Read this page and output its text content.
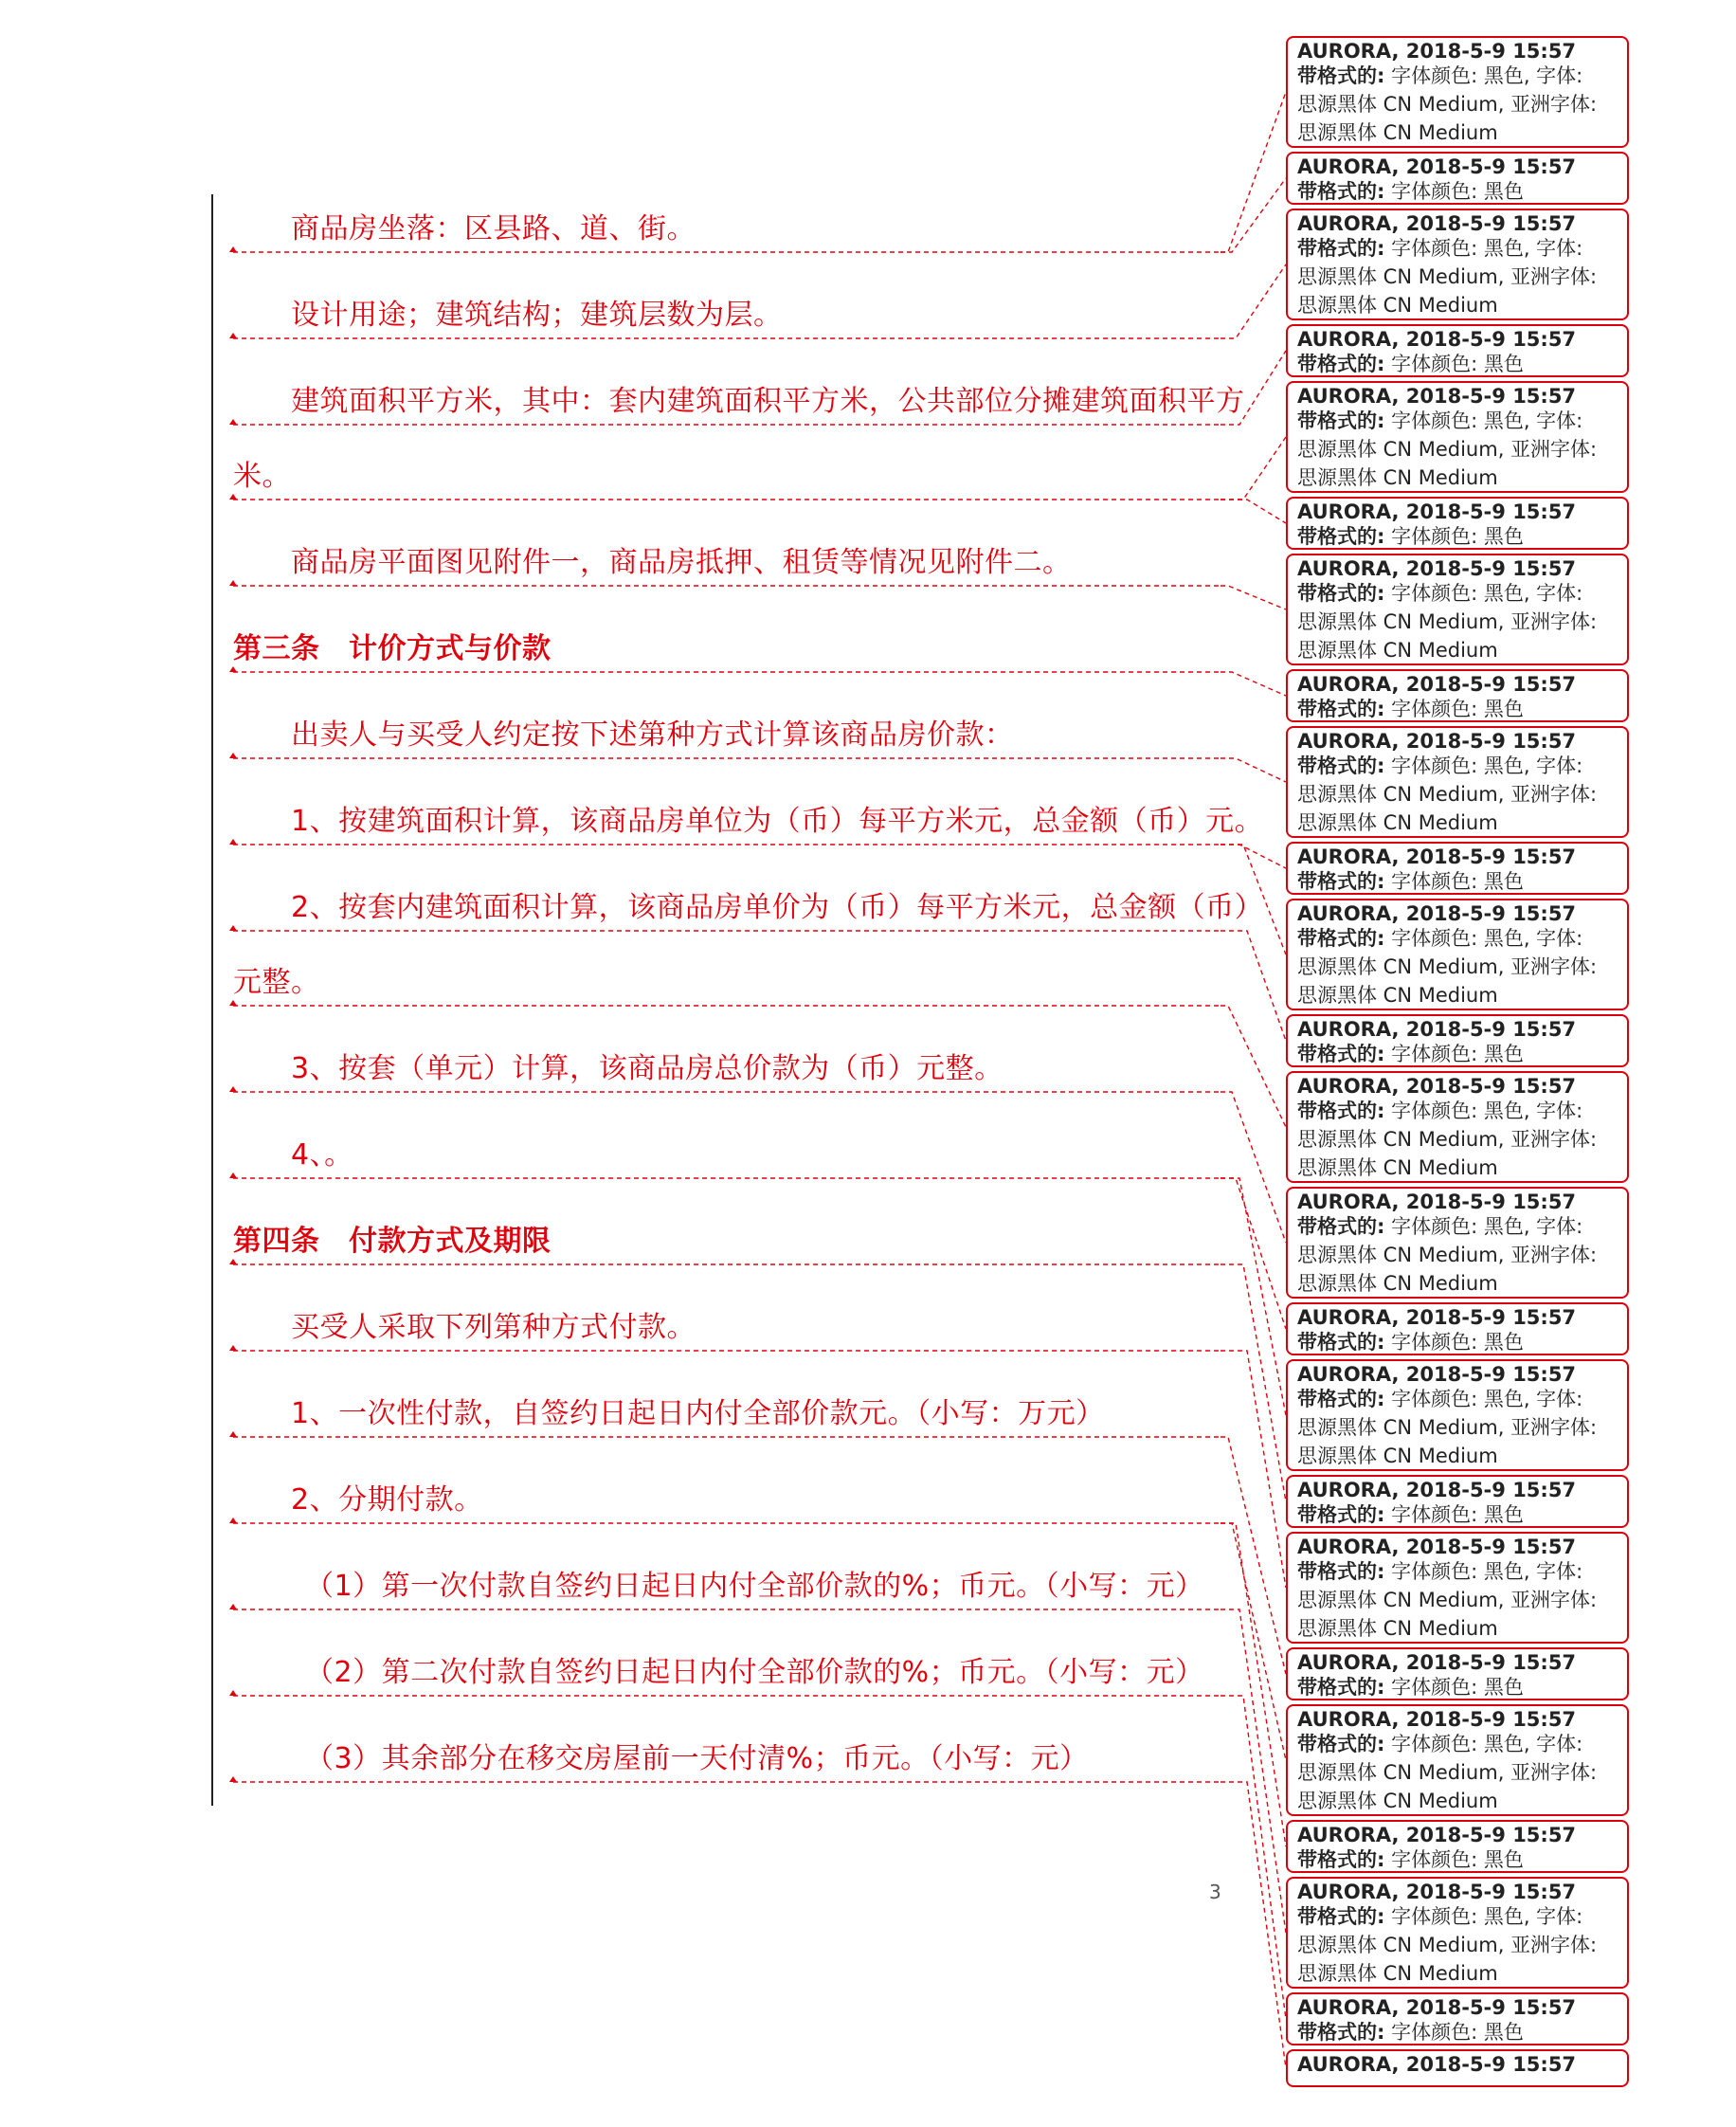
商品房坐落：区县路、道、街。
设计用途；建筑结构；建筑层数为层。
建筑面积平方米，其中：套内建筑面积平方米，公共部位分摊建筑面积平方
米。
商品房平面图见附件一，商品房抵押、租赁等情况见附件二。
第三条　计价方式与价款
出卖人与买受人约定按下述第种方式计算该商品房价款：
1、按建筑面积计算，该商品房单位为（币）每平方米元，总金额（币）元。
2、按套内建筑面积计算，该商品房单价为（币）每平方米元，总金额（币）
元整。
3、按套（单元）计算，该商品房总价款为（币）元整。
4、。
第四条　付款方式及期限
买受人采取下列第种方式付款。
1、一次性付款，自签约日起日内付全部价款元。（小写：万元）
2、分期付款。
（1）第一次付款自签约日起日内付全部价款的%；币元。（小写：元）
（2）第二次付款自签约日起日内付全部价款的%；币元。（小写：元）
（3）其余部分在移交房屋前一天付清%；币元。（小写：元）
AURORA, 2018-5-9 15:57
带格式的: 字体颜色: 黑色, 字体:
思源黑体 CN Medium, 亚洲字体:
思源黑体 CN Medium
AURORA, 2018-5-9 15:57
带格式的: 字体颜色: 黑色
AURORA, 2018-5-9 15:57
带格式的: 字体颜色: 黑色, 字体:
思源黑体 CN Medium, 亚洲字体:
思源黑体 CN Medium
AURORA, 2018-5-9 15:57
带格式的: 字体颜色: 黑色
AURORA, 2018-5-9 15:57
带格式的: 字体颜色: 黑色, 字体:
思源黑体 CN Medium, 亚洲字体:
思源黑体 CN Medium
AURORA, 2018-5-9 15:57
带格式的: 字体颜色: 黑色
AURORA, 2018-5-9 15:57
带格式的: 字体颜色: 黑色, 字体:
思源黑体 CN Medium, 亚洲字体:
思源黑体 CN Medium
AURORA, 2018-5-9 15:57
带格式的: 字体颜色: 黑色
AURORA, 2018-5-9 15:57
带格式的: 字体颜色: 黑色, 字体:
思源黑体 CN Medium, 亚洲字体:
思源黑体 CN Medium
AURORA, 2018-5-9 15:57
带格式的: 字体颜色: 黑色
AURORA, 2018-5-9 15:57
带格式的: 字体颜色: 黑色, 字体:
思源黑体 CN Medium, 亚洲字体:
思源黑体 CN Medium
AURORA, 2018-5-9 15:57
带格式的: 字体颜色: 黑色
AURORA, 2018-5-9 15:57
带格式的: 字体颜色: 黑色, 字体:
思源黑体 CN Medium, 亚洲字体:
思源黑体 CN Medium
AURORA, 2018-5-9 15:57
带格式的: 字体颜色: 黑色, 字体:
思源黑体 CN Medium, 亚洲字体:
思源黑体 CN Medium
AURORA, 2018-5-9 15:57
带格式的: 字体颜色: 黑色
AURORA, 2018-5-9 15:57
带格式的: 字体颜色: 黑色, 字体:
思源黑体 CN Medium, 亚洲字体:
思源黑体 CN Medium
AURORA, 2018-5-9 15:57
带格式的: 字体颜色: 黑色
AURORA, 2018-5-9 15:57
带格式的: 字体颜色: 黑色, 字体:
思源黑体 CN Medium, 亚洲字体:
思源黑体 CN Medium
AURORA, 2018-5-9 15:57
带格式的: 字体颜色: 黑色
AURORA, 2018-5-9 15:57
带格式的: 字体颜色: 黑色, 字体:
思源黑体 CN Medium, 亚洲字体:
思源黑体 CN Medium
AURORA, 2018-5-9 15:57
带格式的: 字体颜色: 黑色
AURORA, 2018-5-9 15:57
带格式的: 字体颜色: 黑色, 字体:
思源黑体 CN Medium, 亚洲字体:
思源黑体 CN Medium
AURORA, 2018-5-9 15:57
带格式的: 字体颜色: 黑色
AURORA, 2018-5-9 15:57
3
